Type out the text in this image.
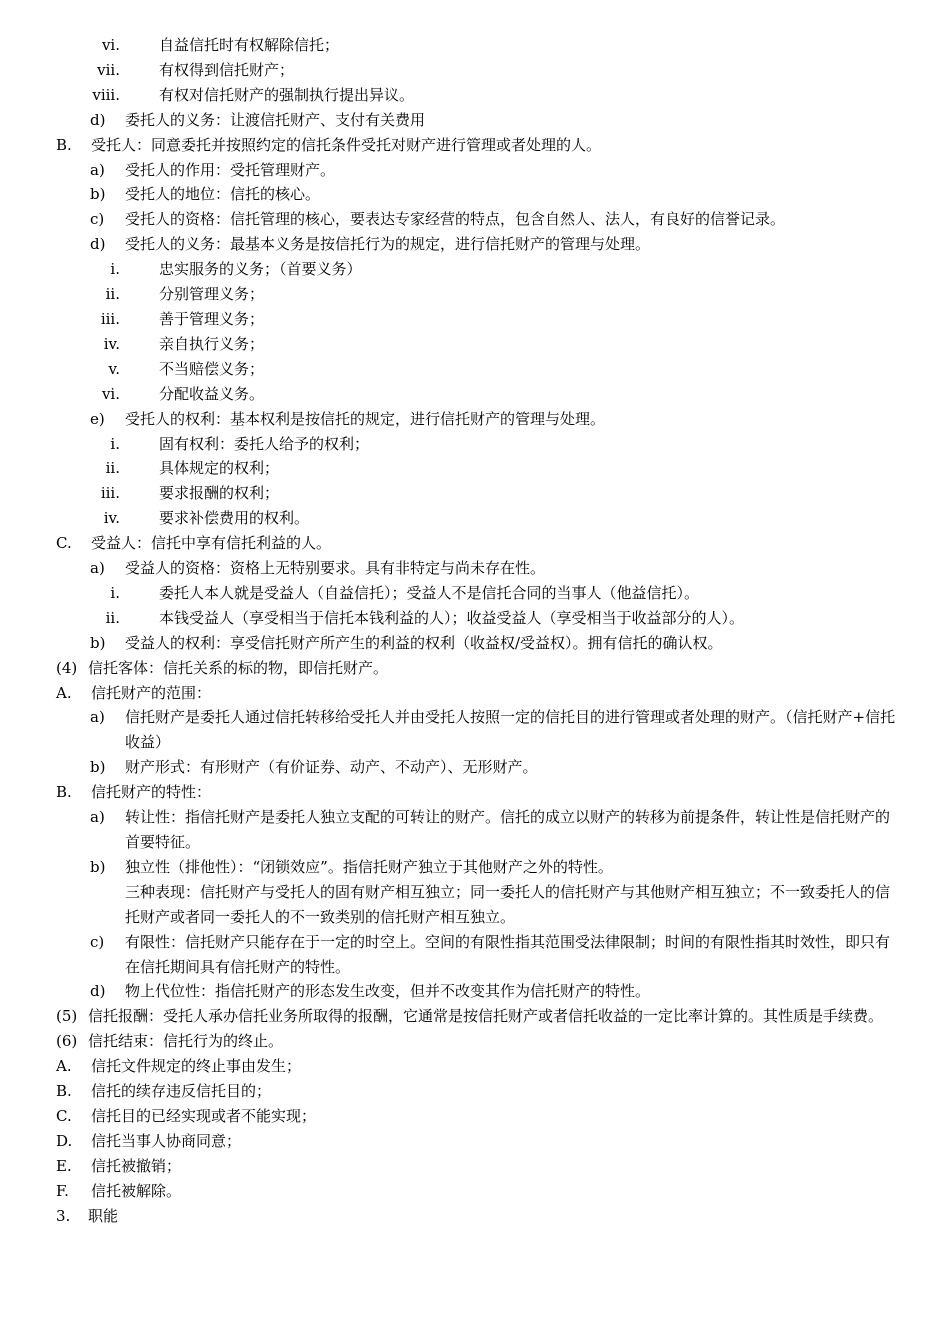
vi.	自益信托时有权解除信托；
vii.	有权得到信托财产；
viii.	有权对信托财产的强制执行提出异议。
d) 委托人的义务：让渡信托财产、支付有关费用
B. 受托人：同意委托并按照约定的信托条件受托对财产进行管理或者处理的人。
a) 受托人的作用：受托管理财产。
b) 受托人的地位：信托的核心。
c) 受托人的资格：信托管理的核心，要表达专家经营的特点，包含自然人、法人，有良好的信誉记录。
d) 受托人的义务：最基本义务是按信托行为的规定，进行信托财产的管理与处理。
i.	忠实服务的义务；（首要义务）
ii.	分别管理义务；
iii.	善于管理义务；
iv.	亲自执行义务；
v.	不当赔偿义务；
vi.	分配收益义务。
e) 受托人的权利：基本权利是按信托的规定，进行信托财产的管理与处理。
i.	固有权利：委托人给予的权利；
ii.	具体规定的权利；
iii.	要求报酬的权利；
iv.	要求补偿费用的权利。
C. 受益人：信托中享有信托利益的人。
a) 受益人的资格：资格上无特别要求。具有非特定与尚未存在性。
i.	委托人本人就是受益人（自益信托）；受益人不是信托合同的当事人（他益信托）。
ii.	本钱受益人（享受相当于信托本钱利益的人）；收益受益人（享受相当于收益部分的人）。
b) 受益人的权利：享受信托财产所产生的利益的权利（收益权/受益权）。拥有信托的确认权。
(4) 信托客体：信托关系的标的物，即信托财产。
A. 信托财产的范围：
a) 信托财产是委托人通过信托转移给受托人并由受托人按照一定的信托目的进行管理或者处理的财产。（信托财产+信托收益）
b) 财产形式：有形财产（有价证券、动产、不动产）、无形财产。
B. 信托财产的特性：
a) 转让性：指信托财产是委托人独立支配的可转让的财产。信托的成立以财产的转移为前提条件，转让性是信托财产的首要特征。
b) 独立性（排他性）：“闭锁效应”。指信托财产独立于其他财产之外的特性。
三种表现：信托财产与受托人的固有财产相互独立；同一委托人的信托财产与其他财产相互独立；不一致委托人的信托财产或者同一委托人的不一致类别的信托财产相互独立。
c) 有限性：信托财产只能存在于一定的时空上。空间的有限性指其范围受法律限制；时间的有限性指其时效性，即只有在信托期间具有信托财产的特性。
d) 物上代位性：指信托财产的形态发生改变，但并不改变其作为信托财产的特性。
(5) 信托报酬：受托人承办信托业务所取得的报酬，它通常是按信托财产或者信托收益的一定比率计算的。其性质是手续费。
(6) 信托结束：信托行为的终止。
A. 信托文件规定的终止事由发生；
B. 信托的续存违反信托目的；
C. 信托目的已经实现或者不能实现；
D. 信托当事人协商同意；
E. 信托被撤销；
F. 信托被解除。
3. 职能
